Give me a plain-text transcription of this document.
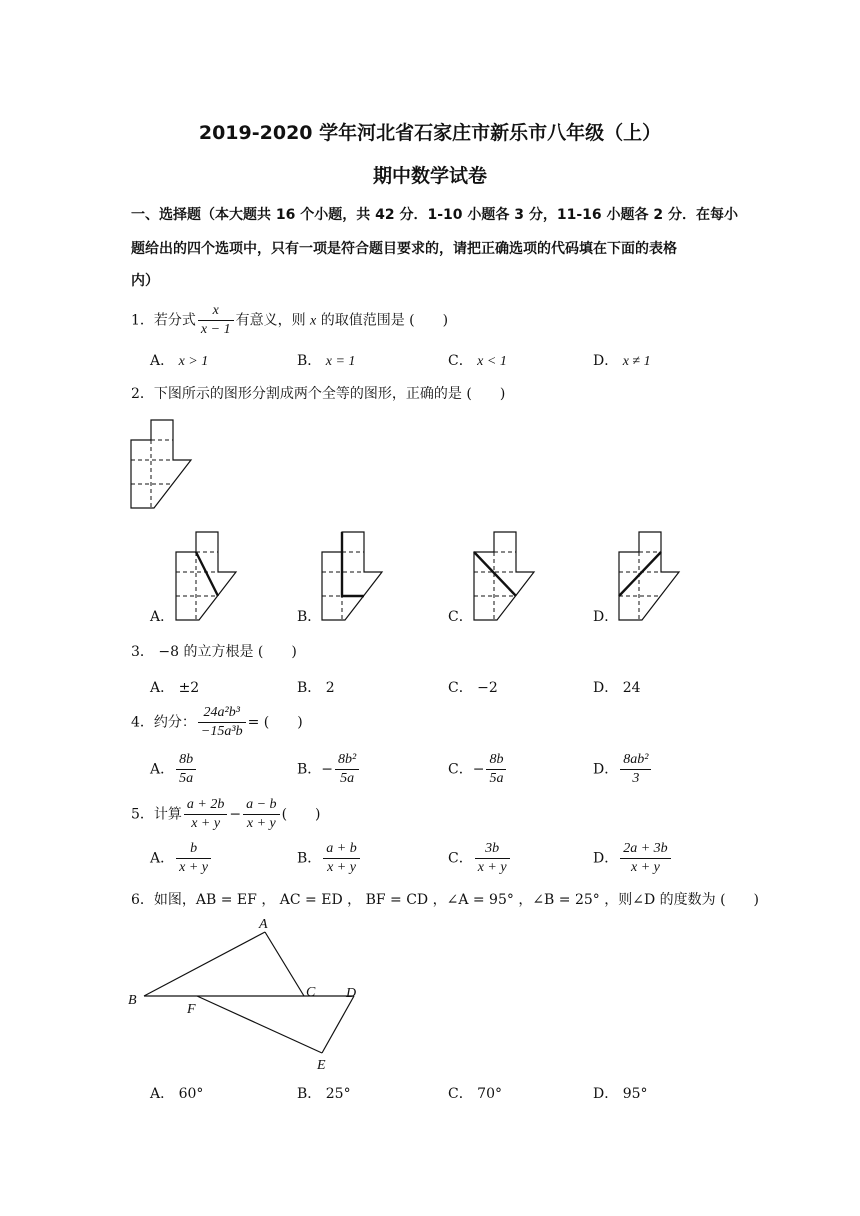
2019-2020 学年河北省石家庄市新乐市八年级（上）
期中数学试卷
一、选择题（本大题共 16 个小题，共 42 分．1-10 小题各 3 分，11-16 小题各 2 分．在每小
题给出的四个选项中，只有一项是符合题目要求的，请把正确选项的代码填在下面的表格
内）
1．若分式 $\frac{x}{x - 1}$ 有意义，则 x 的取值范围是 (　　)
A． x > 1	B． x = 1	C． x < 1	D． x ≠ 1
2．下图所示的图形分割成两个全等的图形，正确的是 (　　)
A．	B．	C．	D．
3． −8 的立方根是 (　　)
A． ±2	B． 2	C． −2	D． 24
4．约分： $\frac{\text{24a²b³}}{\text{−15a³b}}$ = (　　)
A． $\frac{8b}{5a}$	B．− $\frac{\text{8b²}}{5a}$	C．− $\frac{8b}{5a}$	D． $\frac{\text{8ab²}}{3}$
5．计算 $\frac{a + 2b}{x + y} - \frac{a - b}{x + y}$ (　　)
A． $\frac{b}{x + y}$	B． $\frac{a + b}{x + y}$	C． $\frac{3b}{x + y}$	D． $\frac{2a + 3b}{x + y}$
6．如图，AB = EF ， AC = ED ， BF = CD ，∠A = 95° ，∠B = 25° ，则∠D 的度数为 (　　)
A
B
C D
E
F
A． 60°	B． 25°	C． 70°	D． 95°
